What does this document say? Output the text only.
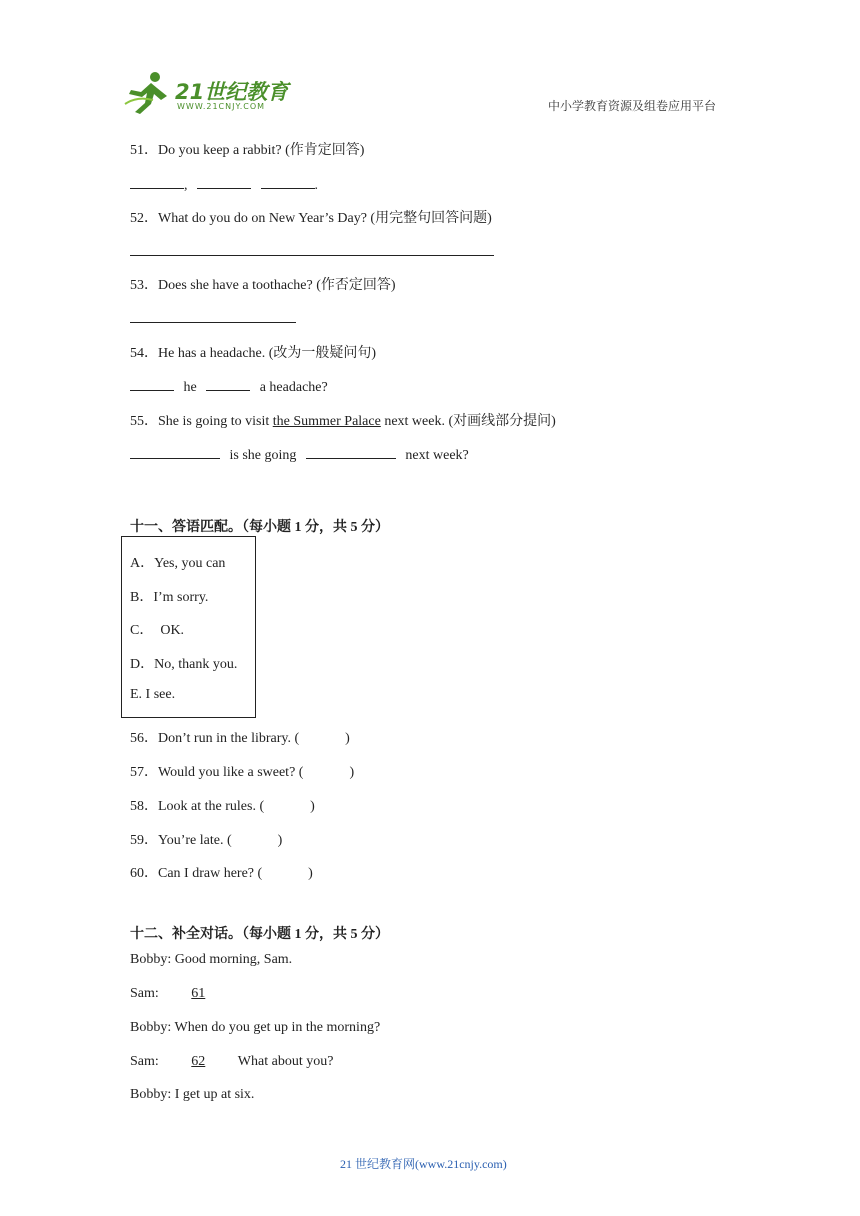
21世纪教育
WWW.21CNJY.COM	中小学教育资源及组卷应用平台
51．Do you keep a rabbit? (作肯定回答)
,	.
52．What do you do on New Year’s Day? (用完整句回答问题)
53．Does she have a toothache? (作否定回答)
54．He has a headache. (改为一般疑问句)
he	a headache?
55．She is going to visit the Summer Palace next week. (对画线部分提问)
is she going	next week?
十一、答语匹配。（每小题 1 分，共 5 分）
A．Yes, you can
B．I’m sorry.
C．  OK.
D．No, thank you.
E. I see.
56．Don’t run in the library. (	)
57．Would you like a sweet? (	)
58．Look at the rules. (	)
59．You’re late. (	)
60．Can I draw here? (	)
十二、补全对话。（每小题 1 分，共 5 分）
Bobby: Good morning, Sam.
Sam: 61
Bobby: When do you get up in the morning?
Sam: 62 What about you?
Bobby: I get up at six.
21 世纪教育网(www.21cnjy.com)
